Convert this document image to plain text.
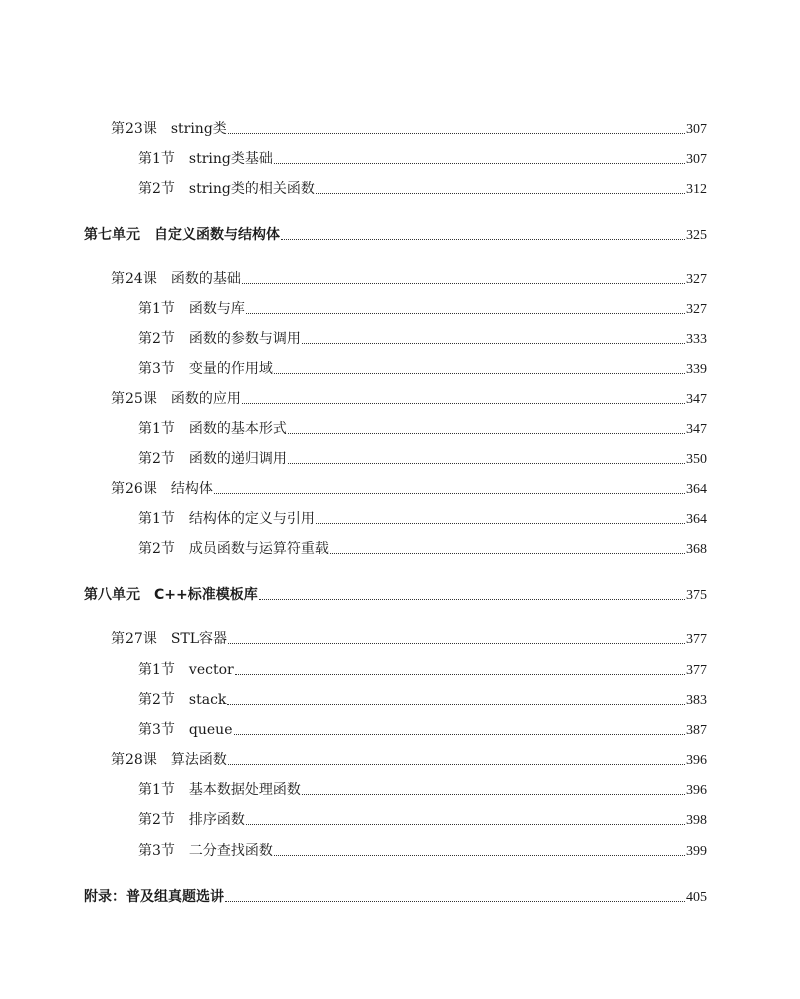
第23课	string类	307
第1节	string类基础	307
第2节	string类的相关函数	312
第七单元	自定义函数与结构体	325
第24课	函数的基础	327
第1节	函数与库	327
第2节	函数的参数与调用	333
第3节	变量的作用域	339
第25课	函数的应用	347
第1节	函数的基本形式	347
第2节	函数的递归调用	350
第26课	结构体	364
第1节	结构体的定义与引用	364
第2节	成员函数与运算符重载	368
第八单元	C++标准模板库	375
第27课	STL容器	377
第1节	vector	377
第2节	stack	383
第3节	queue	387
第28课	算法函数	396
第1节	基本数据处理函数	396
第2节	排序函数	398
第3节	二分查找函数	399
附录：普及组真题选讲	405
